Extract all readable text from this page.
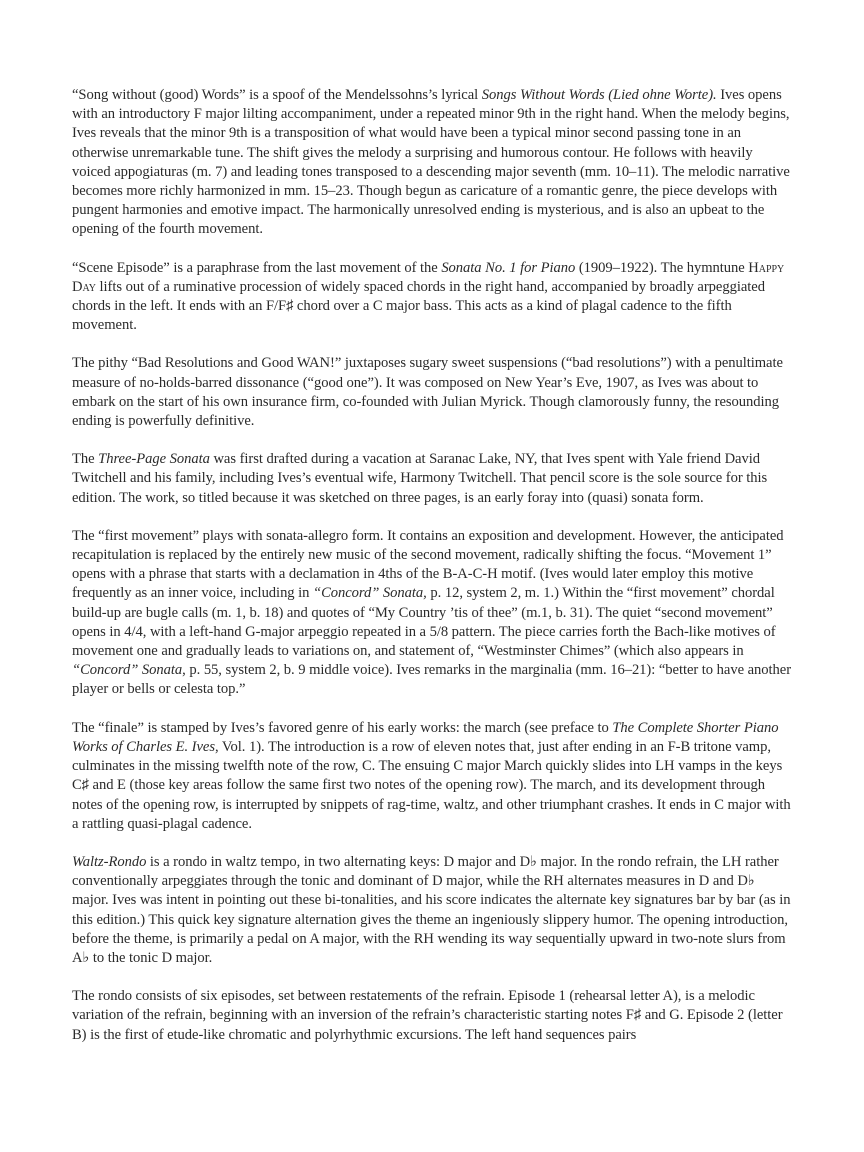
“Song without (good) Words” is a spoof of the Mendelssohns’s lyrical Songs Without Words (Lied ohne Worte). Ives opens with an introductory F major lilting accompaniment, under a repeated minor 9th in the right hand. When the melody begins, Ives reveals that the minor 9th is a transposition of what would have been a typical minor second passing tone in an otherwise unremarkable tune. The shift gives the melody a surprising and humorous contour. He follows with heavily voiced appogiaturas (m. 7) and leading tones transposed to a descending major seventh (mm. 10–11). The melodic narrative becomes more richly harmonized in mm. 15–23. Though begun as caricature of a romantic genre, the piece develops with pungent harmonies and emotive impact. The harmonically unresolved ending is mysterious, and is also an upbeat to the opening of the fourth movement.

“Scene Episode” is a paraphrase from the last movement of the Sonata No. 1 for Piano (1909–1922). The hymntune Happy Day lifts out of a ruminative procession of widely spaced chords in the right hand, accompanied by broadly arpeggiated chords in the left. It ends with an F/F♯ chord over a C major bass. This acts as a kind of plagal cadence to the fifth movement.

The pithy “Bad Resolutions and Good WAN!” juxtaposes sugary sweet suspensions (“bad resolutions”) with a penultimate measure of no-holds-barred dissonance (“good one”). It was composed on New Year’s Eve, 1907, as Ives was about to embark on the start of his own insurance firm, co-founded with Julian Myrick. Though clamorously funny, the resounding ending is powerfully definitive.

The Three-Page Sonata was first drafted during a vacation at Saranac Lake, NY, that Ives spent with Yale friend David Twitchell and his family, including Ives’s eventual wife, Harmony Twitchell. That pencil score is the sole source for this edition. The work, so titled because it was sketched on three pages, is an early foray into (quasi) sonata form.

The “first movement” plays with sonata-allegro form. It contains an exposition and development. However, the anticipated recapitulation is replaced by the entirely new music of the second movement, radically shifting the focus. “Movement 1” opens with a phrase that starts with a declamation in 4ths of the B-A-C-H motif. (Ives would later employ this motive frequently as an inner voice, including in “Concord” Sonata, p. 12, system 2, m. 1.) Within the “first movement” chordal build-up are bugle calls (m. 1, b. 18) and quotes of “My Country ’tis of thee” (m.1, b. 31). The quiet “second movement” opens in 4/4, with a left-hand G-major arpeggio repeated in a 5/8 pattern. The piece carries forth the Bach-like motives of movement one and gradually leads to variations on, and statement of, “Westminster Chimes” (which also appears in “Concord” Sonata, p. 55, system 2, b. 9 middle voice). Ives remarks in the marginalia (mm. 16–21): “better to have another player or bells or celesta top.”

The “finale” is stamped by Ives’s favored genre of his early works: the march (see preface to The Complete Shorter Piano Works of Charles E. Ives, Vol. 1). The introduction is a row of eleven notes that, just after ending in an F-B tritone vamp, culminates in the missing twelfth note of the row, C. The ensuing C major March quickly slides into LH vamps in the keys C♯ and E (those key areas follow the same first two notes of the opening row). The march, and its development through notes of the opening row, is interrupted by snippets of rag-time, waltz, and other triumphant crashes. It ends in C major with a rattling quasi-plagal cadence.

Waltz-Rondo is a rondo in waltz tempo, in two alternating keys: D major and D♭ major. In the rondo refrain, the LH rather conventionally arpeggiates through the tonic and dominant of D major, while the RH alternates measures in D and D♭ major. Ives was intent in pointing out these bi-tonalities, and his score indicates the alternate key signatures bar by bar (as in this edition.) This quick key signature alternation gives the theme an ingeniously slippery humor. The opening introduction, before the theme, is primarily a pedal on A major, with the RH wending its way sequentially upward in two-note slurs from A♭ to the tonic D major.

The rondo consists of six episodes, set between restatements of the refrain. Episode 1 (rehearsal letter A), is a melodic variation of the refrain, beginning with an inversion of the refrain’s characteristic starting notes F♯ and G. Episode 2 (letter B) is the first of etude-like chromatic and polyrhythmic excursions. The left hand sequences pairs
